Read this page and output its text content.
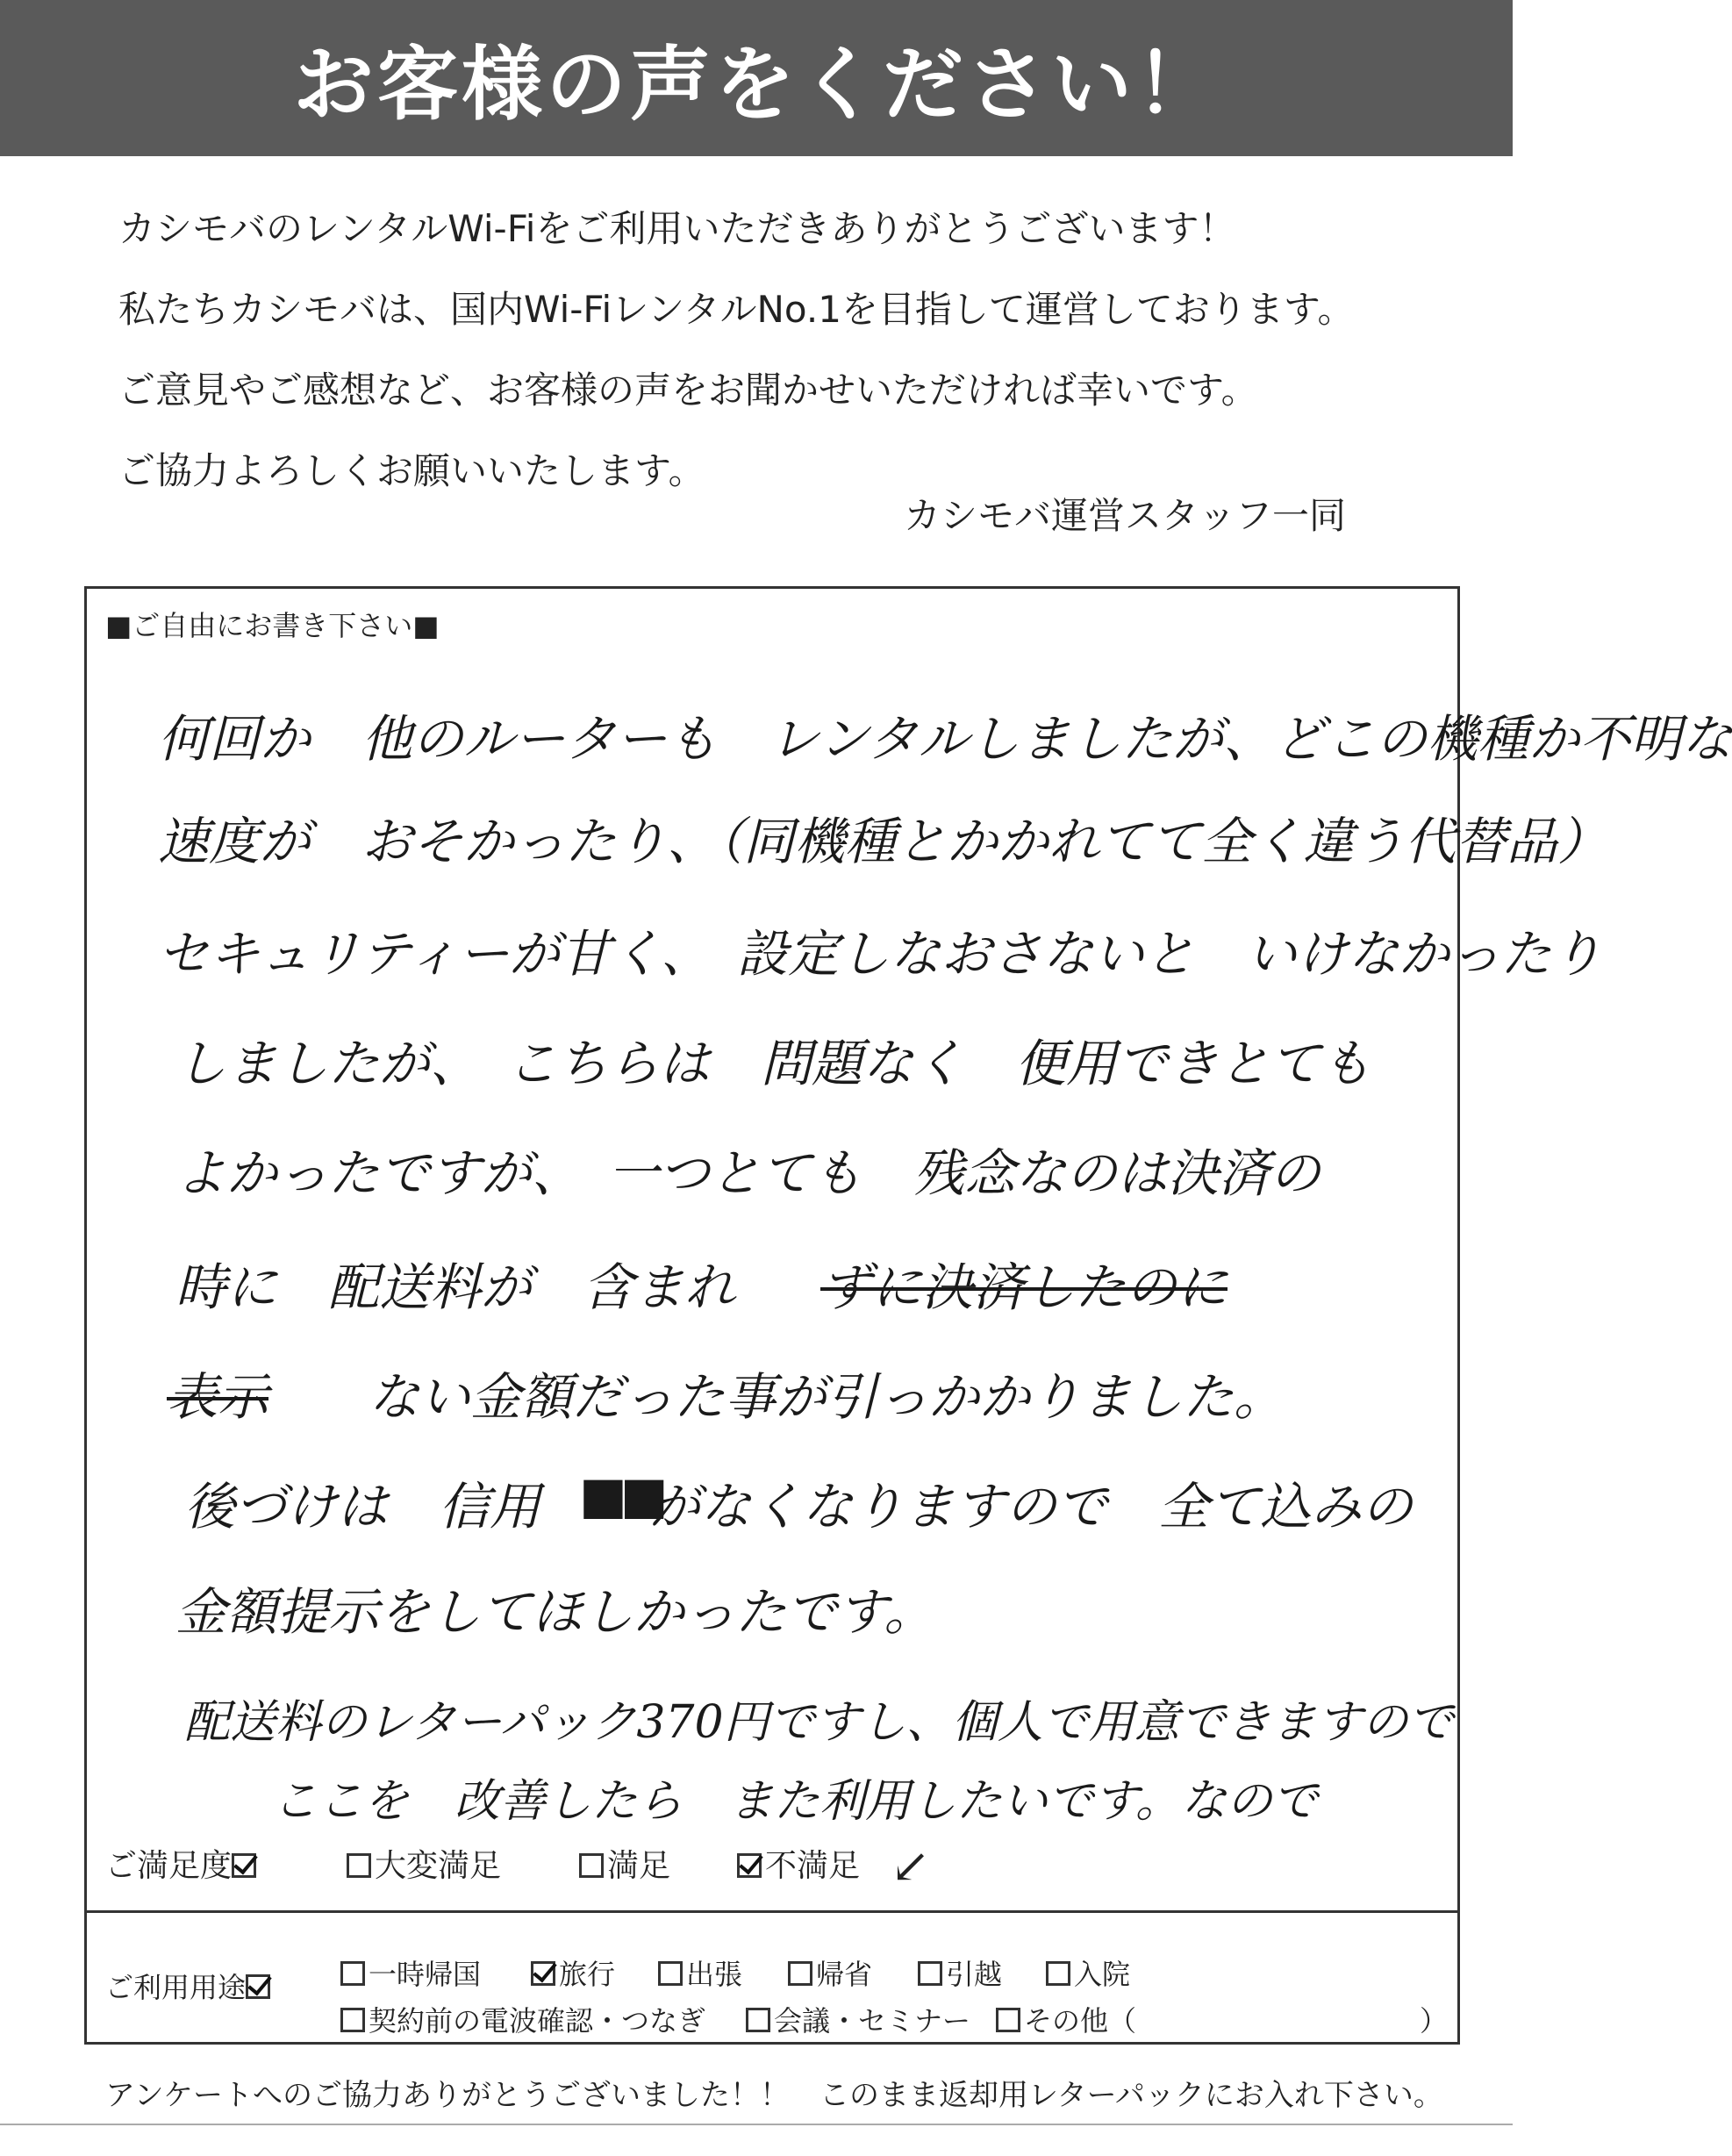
お客様の声をください！

カシモバのレンタルWi-Fiをご利用いただきありがとうございます！

私たちカシモバは、国内Wi-FiレンタルNo.1を目指して運営しております。

ご意見やご感想など、お客様の声をお聞かせいただければ幸いです。

ご協力よろしくお願いいたします。

カシモバ運営スタッフ一同
■ご自由にお書き下さい■
何回か　他のルーターも　レンタルしましたが、どこの機種か不明な
速度が　おそかったり、（同機種とかかれてて全く違う代替品）
セキュリティーが甘く、　設定しなおさないと　いけなかったり
しましたが、　こちらは　問題なく　便用できとても
よかったですが、　一つとても　残念なのは決済の
時に　配送料が　含まれ ずに決済したのに
表示 ない金額だった事が引っかかりました。
後づけは　信用 ■■
がなくなりますので　全て込みの
金額提示をしてほしかったです。
配送料のレターパック370円ですし、個人で用意できますので
ここを　改善したら　また利用したいです。なので
ご満足度	大変満足	満足	不満足 ↙
ご利用用途	一時帰国	旅行	出張	帰省	引越	入院
契約前の電波確認・つなぎ	会議・セミナー	その他（	）
アンケートへのご協力ありがとうございました！！　このまま返却用レターパックにお入れ下さい。
